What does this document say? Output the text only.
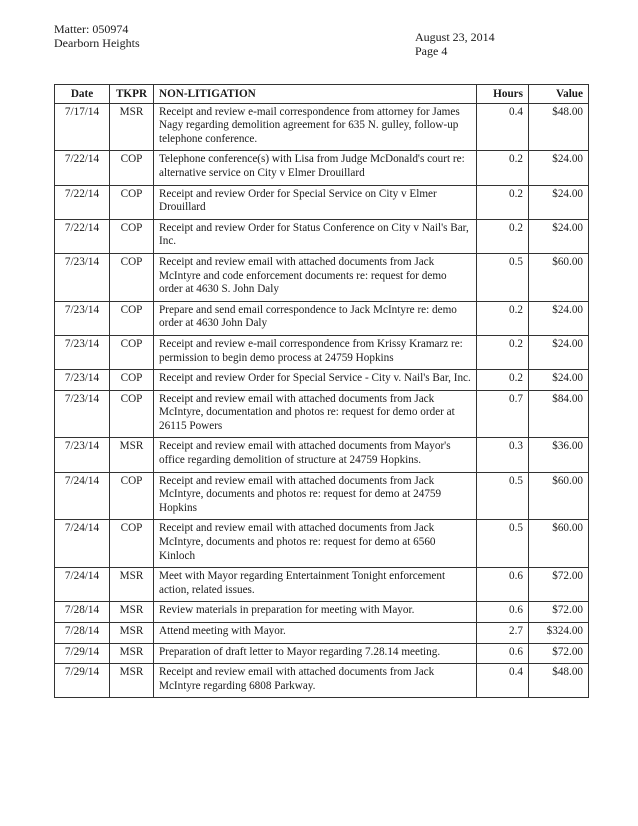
Matter: 050974
Dearborn Heights	August 23, 2014
Page 4
Date	TKPR	NON-LITIGATION	Hours	Value
7/17/14	MSR	Receipt and review e-mail correspondence from attorney for James Nagy regarding demolition agreement for 635 N. gulley, follow-up telephone conference.	0.4	$48.00
7/22/14	COP	Telephone conference(s) with Lisa from Judge McDonald's court re: alternative service on City v Elmer Drouillard	0.2	$24.00
7/22/14	COP	Receipt and review Order for Special Service on City v Elmer Drouillard	0.2	$24.00
7/22/14	COP	Receipt and review Order for Status Conference on City v Nail's Bar, Inc.	0.2	$24.00
7/23/14	COP	Receipt and review email with attached documents from Jack McIntyre and code enforcement documents re: request for demo order at 4630 S. John Daly	0.5	$60.00
7/23/14	COP	Prepare and send email correspondence to Jack McIntyre re: demo order at 4630 John Daly	0.2	$24.00
7/23/14	COP	Receipt and review e-mail correspondence from Krissy Kramarz re: permission to begin demo process at 24759 Hopkins	0.2	$24.00
7/23/14	COP	Receipt and review Order for Special Service - City v. Nail's Bar, Inc.	0.2	$24.00
7/23/14	COP	Receipt and review email with attached documents from Jack McIntyre, documentation and photos re: request for demo order at 26115 Powers	0.7	$84.00
7/23/14	MSR	Receipt and review email with attached documents from Mayor's office regarding demolition of structure at 24759 Hopkins.	0.3	$36.00
7/24/14	COP	Receipt and review email with attached documents from Jack McIntyre, documents and photos re: request for demo at 24759 Hopkins	0.5	$60.00
7/24/14	COP	Receipt and review email with attached documents from Jack McIntyre, documents and photos re: request for demo at 6560 Kinloch	0.5	$60.00
7/24/14	MSR	Meet with Mayor regarding Entertainment Tonight enforcement action, related issues.	0.6	$72.00
7/28/14	MSR	Review materials in preparation for meeting with Mayor.	0.6	$72.00
7/28/14	MSR	Attend meeting with Mayor.	2.7	$324.00
7/29/14	MSR	Preparation of draft letter to Mayor regarding 7.28.14 meeting.	0.6	$72.00
7/29/14	MSR	Receipt and review email with attached documents from Jack McIntyre regarding 6808 Parkway.	0.4	$48.00
